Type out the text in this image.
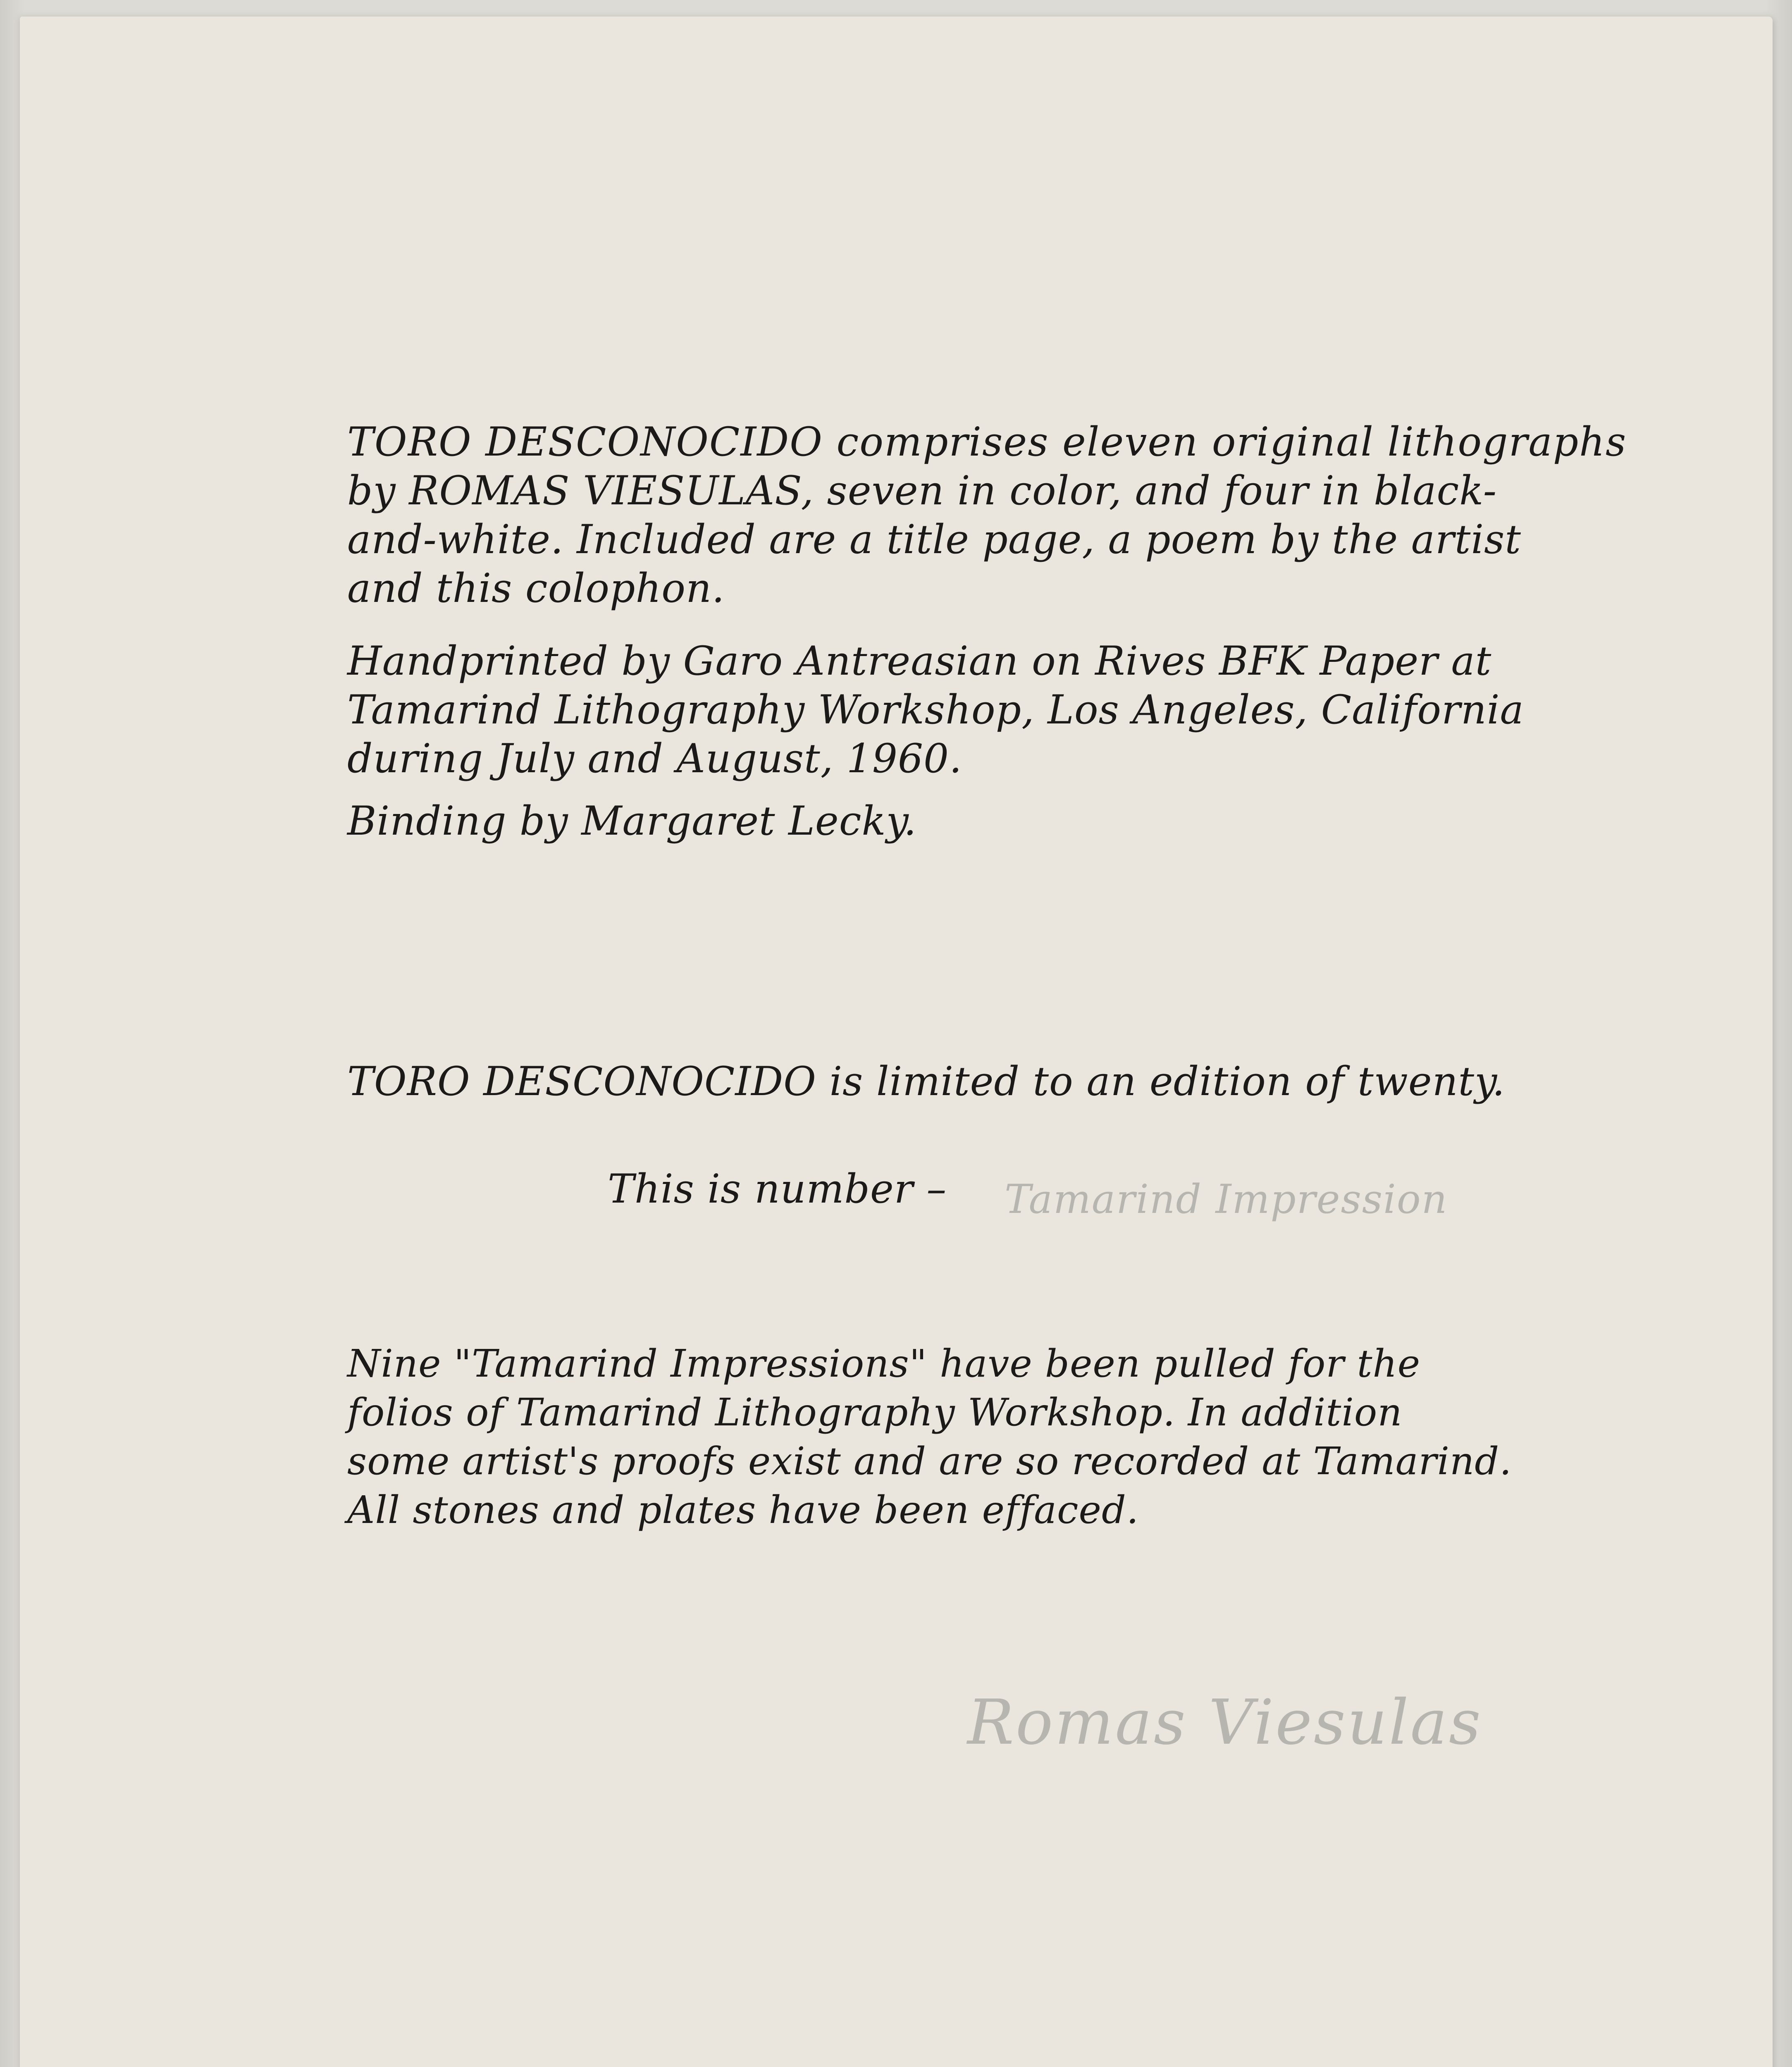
TORO DESCONOCIDO comprises eleven original lithographs
by ROMAS VIESULAS, seven in color, and four in black-
and-white. Included are a title page, a poem by the artist
and this colophon.
Handprinted by Garo Antreasian on Rives BFK Paper at
Tamarind Lithography Workshop, Los Angeles, California
during July and August, 1960.

Binding by Margaret Lecky.

TORO DESCONOCIDO is limited to an edition of twenty.

This is number – Tamarind Impression

Nine "Tamarind Impressions" have been pulled for the
folios of Tamarind Lithography Workshop. In addition
some artist's proofs exist and are so recorded at Tamarind.
All stones and plates have been effaced.

Romas Viesulas
